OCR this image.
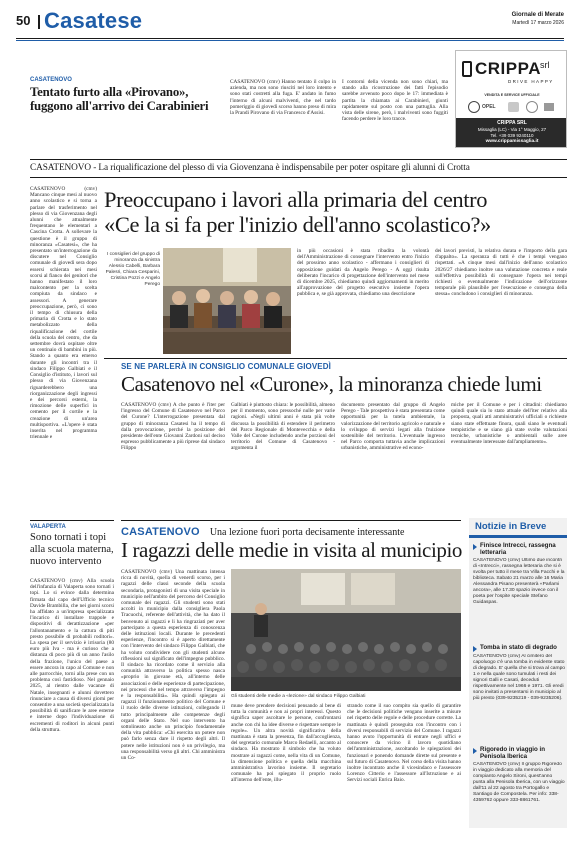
50 Casatese	Giornale di Merate
Martedì 17 marzo 2026
CASATENOVO
Tentato furto alla «Pirovano», fuggono all'arrivo dei Carabinieri
CASATENOVO (cmv) Hanno tentato il colpo in azienda, ma non sono riusciti nel loro intento e sono stati costretti alla fuga. E' andato in fumo l'interno di alcuni malviventi, che nel tardo pomeriggio di giovedì scorso hanno preso di mira la Prandi Pirovano di via Francesco d'Assisi.
I contorni della vicenda non sono chiari, ma stando alla ricostruzione dei fatti l'episodio sarebbe avvenuto poco dopo le 17: immediata è partita la chiamata ai Carabinieri, giunti rapidamente sul posto con una pattuglia. Alla vista delle sirene, però, i malviventi sono fuggiti facendo perdere le loro tracce.
CRIPPA srl
DRIVE HAPPY
VENDITA E SERVICE UFFICIALE
OPEL
CRIPPA SRL
Missaglia (LC) - Via 1° Maggio, 27
Tel. +39 039 9240110
www.crippamissaglia.it
CASATENOVO - La riqualificazione del plesso di via Giovenzana è indispensabile per poter ospitare gli alunni di Crotta
CASATENOVO (cmv) Mancano cinque mesi al nuovo anno scolastico e si torna a parlare del trasferimento nel plesso di via Giovenzana degli alunni che attualmente frequentano le elementari a Cascina Crotta. A sollevare la questione è il gruppo di minoranza «Casatesi», che ha presentato un'interrogazione da discutere nel Consiglio comunale di giovedì sera dopo essersi schierata nei mesi scorsi al fianco dei genitori che hanno manifestato il loro malcontento per la scelta compiuta da sindaco e assessori. A generare preoccupazione, però, ci sono il tempo di chiusura della primaria di Crotta e lo stato metabolizzato della riqualificazione del cortile della scuola del centro, che da settembre dovrà ospitare oltre un centinaio di bambini in più. Stando a quanto era emerso durante gli incontri tra il sindaco Filippo Galbiati e il Consiglio d'istituto, i lavori sul plesso di via Giovenzana riguarderebbero una riorganizzazione degli ingressi e dei percorsi esterni, la rimozione delle superfici in cemento per il cortile e la creazione di un'area multisportiva. «L'opere è stata inserita nel programma triennale e
Preoccupano i lavori alla primaria del centro
«Ce la si fa per l'inizio dell'anno scolastico?»
I consiglieri del gruppo di minoranza da sinistra Alessio Cabelli, Barbara Palesri, Chiara Cesparini, Cristina Pozzi e Angelo Perego
in più occasioni è stata ribadita la volontà dell'Amministrazione di consegnare l'intervento entro l'inizio del prossimo anno scolastico - affermano i consiglieri di opposizione guidati da Angelo Perego - A oggi risulta deliberato l'incarico di progettazione dell'intervento nel mese di dicembre 2025, chiediamo quindi aggiornamenti in merito all'approvazione del progetto esecutivo insieme l'opera pubblica e, se già approvata, chiediamo una descrizione
dei lavori previsti, la relativa durata e l'importo della gara d'appalto». La speranza di tutti è che i tempi vengano rispettati. «A cinque mesi dall'inizio dell'anno scolastico 2026/27 chiediamo inoltre una valutazione concreta e reale sull'effettiva possibilità di consegnare l'opera nei tempi richiesti o eventualmente l'indicazione dell'orizzonte temporale più plausibile per l'esecuzione e consegna della stessa» concludono i consiglieri di minoranza.
SE NE PARLERÀ IN CONSIGLIO COMUNALE GIOVEDÌ
Casatenovo nel «Curone», la minoranza chiede lumi
CASATENOVO (cmv) A che punto è l'iter per l'ingresso del Comune di Casatenovo nel Parco del Curone? L'interrogazione presentata dal gruppo di minoranza Casatesi ha il tempo di dalla provocazione, perché la posizione del presidente dell'ente Giovanni Zardoni sul deciso espresso pubblicamente a più riprese dal sindaco Filippo
Galbiati è piuttosto chiara: le possibilità, almeno per il momento, sono pressoché nulle per varie ragioni. «Negli ultimi anni è stata più volte discussa la possibilità di estendere il perimetro del Parco Regionale di Montevecchia e della Valle del Curone includendo anche porzioni del territorio del Comune di Casatenovo - argomenta il
documento presentato dal gruppo di Angelo Perego - Tale prospettiva è stata presentata come opportunità per la tutela ambientale, la valorizzazione del territorio agricolo e naturale e lo sviluppo di servizi legati alla fruizione sostenibile del territorio. L'eventuale ingresso nel Parco comporta tuttavia anche implicazioni urbanistiche, amministrative ed econo-
miche per il Comune e per i cittadini: chiediamo quindi quale sia lo stato attuale dell'iter relativo alla proposta, quali atti amministrativi ufficiali o richieste siano state effettuate finora, quali siano le eventuali tempistiche e se siano già state svolte valutazioni tecniche, urbanistiche o ambientali sulle aree eventualmente interessate dall'ampliamento».
VALAPERTA
Sono tornati i topi alla scuola materna, nuovo intervento
CASATENOVO (cmv) Alla scuola dell'infanzia di Valaperta sono tornati i topi. Lo si evince dalla determina firmata dal capo dell'Ufficio tecnico Davide Brambilla, che nei giorni scorsi ha affidato a un'impresa specializzata l'incarico di installare trappole e dispositivi di derattizzazione «per l'allontanamento e la cattura di piti presto possibile di probabili roditori». La spesa per il servizio è irrisoria (80 euro più Iva - ma è curioso che a distanza di poco più di un anno l'asilo della frazione, l'unico del paese a essere ancora in capo al Comune e non alle parrocchie, torni alla prese con un problema così fastidioso. Nel gennaio 2025, al rientro dalle vacanze di Natale, insegnanti e alunni dovettero rinunciare a causa di diversi giorni per consentire a una società specializzata la possibilità di sanificare le aree esterne e interne dopo l'individuazione di escrementi di roditori in alcuni punti della struttura.
CASATENOVO Una lezione fuori porta decisamente interessante
I ragazzi delle medie in visita al municipio
CASATENOVO (cmv) Una mattinata intensa ricca di novità, quella di venerdì scorso, per i ragazzi delle classi seconde della scuola secondaria, protagonisti di una visita speciale in municipio nell'ambito del percorso del Consiglio comunale dei ragazzi. Gli studenti sono stati accolti in municipio dalla consigliera Paola Tracuochi, referente dell'attività, che ha dato il benvenuto ai ragazzi e li ha ringraziati per aver partecipato a questa esperienza di conoscenza delle istituzioni locali. Durante le precedenti esperienze, l'incontro si è aperto direttamente con l'intervento del sindaco Filippo Galbiati, che ha voluto condividere con gli studenti alcune riflessioni sul significato dell'impegno pubblico. Il sindaco ha ricordato come il servizio alla comunità attraverso la politica spesso nasca «proprio in giovane età, all'interno delle associazioni e delle esperienze di partecipazione, nei processi che nel tempo attraverso l'impegno e la responsabilità». Ha quindi spiegato ai ragazzi il funzionamento politico del Comune e il ruolo delle diverse istituzioni, collegando il tutto principalmente alle competenze degli organi delle Stato. Nel suo intervento ha sottolineato anche un principio fondamentale della vita pubblica: «Chi esercita un potere non può farlo senza dare il rispetto degli altri. Il potere nelle istituzioni non è un privilegio, ma una responsabilità verso gli altri. Chi amministra un Co-
Gli studenti delle medie a «lezione» dal sindaco Filippo Galbiati
mune deve prendere decisioni pensando al bene di tutta la comunità e non ai propri interessi. Questo significa saper ascoltare le persone, confrontarsi anche con chi ha idee diverse e rispettare sempre le regole». Un altra novità significativa della mattinata è stata la presenza, fin dall'accoglienza, del segretario comunale Marco Redaelli, accanto al sindaco. Ha mostrato il simbolo che ha voluto mostrare ai ragazzi come, nella vita di un Comune, la dimensione politica e quella della macchina amministrativa lavorino insieme. Il segretario comunale ha poi spiegato il proprio ruolo all'interno dell'ente, illu-
strando come il suo compito sia quello di garantire che le decisioni politiche vengano inserite a misure nel rispetto delle regole e delle procedure corrette. La mattinata è quindi proseguita con l'incontro con i diversi responsabili di servizio del Comune. I ragazzi hanno avuto l'opportunità di entrare negli uffici e conoscere da vicino il lavoro quotidiano dell'amministrazione, ascoltando le spiegazioni dei funzionari e ponendo domande dirette sul presente e sul futuro di Casatenovo. Nel corso della visita hanno inoltre incontrato anche il vicesindaco e l'assessore Lorenzo Citterio e l'assessore all'Istruzione e ai Servizi sociali Enrica Baio.
Notizie in Breve
Finisce Intrecci, rassegna letteraria
CASATENOVO (cmv) Ultimo due incontri di «Intrecci», rassegna letteraria che si è svolta per tutto il mese tra Villa Facchi e la biblioteca. Sabato 21 marzo alle 16 Maria Alessandra Pisano presenterà «Parlami ancora», alle 17.30 spazio invece con il poeta per l'ospite speciale Stefano Guidaspas.
Tomba in stato di degrado
CASATENOVO (cmv) Al cimitero del capoluogo c'è una tomba in evidente stato di degrado. E' quella che si trova al campo 1 e nella quale sono tumulati i resti dei signori Galli e Casati, deceduti rispettivamente nel 1966 e 1971. Gli eredi sono invitati a presentarsi in municipio al più presto (039-9235219 - 039-9235206).
Rigoredo in viaggio in Penisola Iberica
CASATENOVO (cmv) Il gruppo Rigoredo in viaggio dedicato alla memoria del compianto Angelo Sironi, quest'anno punta alla Penisola Iberica, con un viaggio dall'11 al 22 agosto tra Portogallo e Santiago de Compostela. Per info: 338-4359762 oppure 333-8861761.
